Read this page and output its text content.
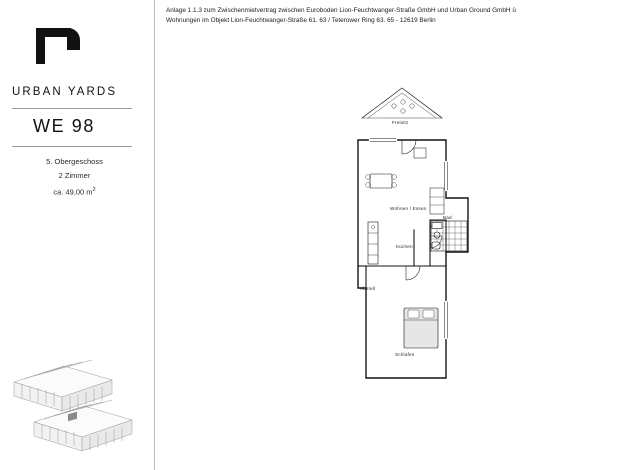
URBAN YARDS
WE 98
5. Obergeschoss
2 Zimmer
ca. 49,00 $m^2$
Anlage 1.1.3 zum Zwischenmietvertrag zwischen Euroboden Lion-Feuchtwanger-Straße GmbH und Urban Ground GmbH ü
Wohnungen im Objekt Lion-Feuchtwanger-Straße 61. 63 / Teterower Ring 63. 65 - 12619 Berlin
Freisitz
Wohnen / Essen
Küchen
Bad
Abstell
Schlafen
